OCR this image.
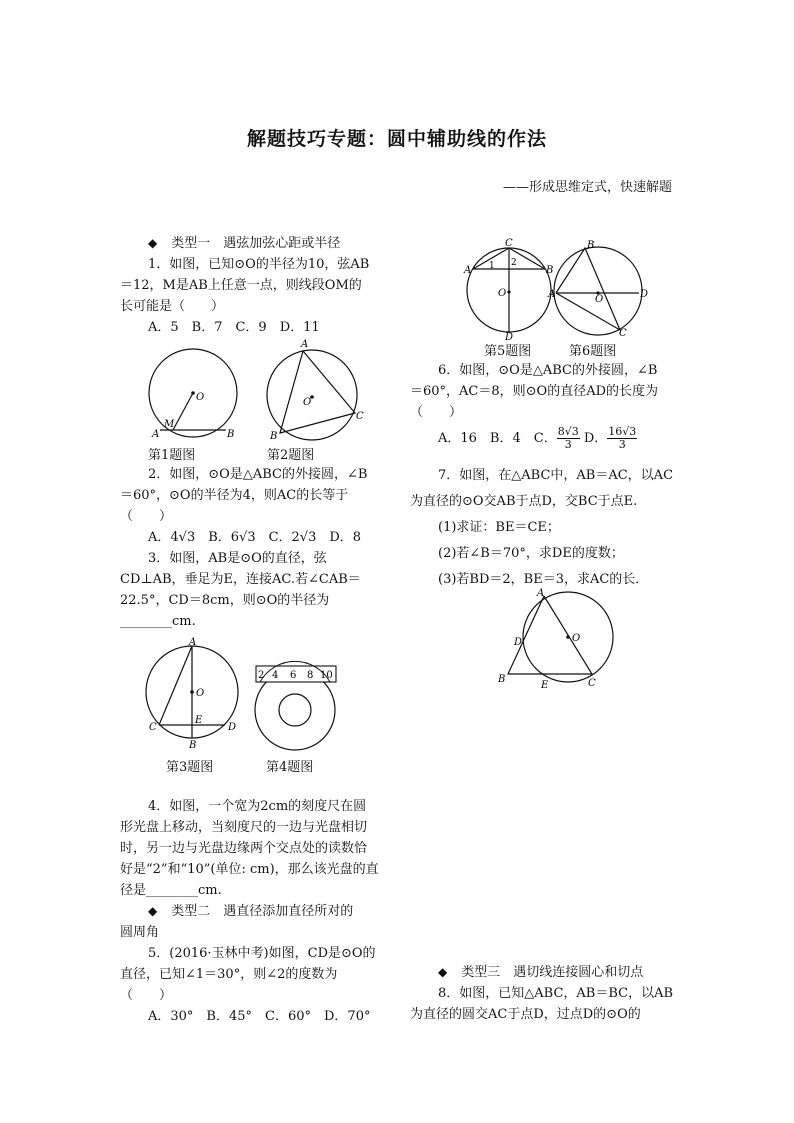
解题技巧专题：圆中辅助线的作法
——形成思维定式，快速解题

◆ 类型一　遇弦加弦心距或半径

1．如图，已知⊙O的半径为10，弦AB

＝12，M是AB上任意一点，则线段OM的

长可能是（　　）

A．5　B．7　C．9　D．11

O
A	B
M
第1题图
O
A
B
C
第2题图

2．如图，⊙O是△ABC的外接圆，∠B

＝60°，⊙O的半径为4，则AC的长等于

（　　）

A．4√3　B．6√3　C．2√3　D．8

3．如图，AB是⊙O的直径，弦

CD⊥AB，垂足为E，连接AC.若∠CAB＝

22.5°，CD＝8cm，则⊙O的半径为

________cm.

O
A
B
C	D
E
第3题图
2 4 6 8 10
第4题图

4．如图，一个宽为2cm的刻度尺在圆

形光盘上移动，当刻度尺的一边与光盘相切

时，另一边与光盘边缘两个交点处的读数恰

好是“2”和“10”(单位: cm)，那么该光盘的直

径是________cm.

◆ 类型二　遇直径添加直径所对的

圆周角

5．(2016·玉林中考)如图，CD是⊙O的

直径，已知∠1＝30°，则∠2的度数为

（　　）

A．30°　B．45°　C．60°　D．70°

O
A	B
C
D
1 2
第5题图
O
A
B
C
D
第6题图

6．如图，⊙O是△ABC的外接圆，∠B

＝60°，AC＝8，则⊙O的直径AD的长度为

（　　）

A．16　B．4　C． $\frac{8√3}{3}$ D． $\frac{16√3}{3}$

7．如图，在△ABC中，AB＝AC，以AC

为直径的⊙O交AB于点D，交BC于点E.

(1)求证：BE＝CE；

(2)若∠B＝70°，求DE的度数；

(3)若BD＝2，BE＝3，求AC的长．

O
A
B	C
D
E

◆ 类型三　遇切线连接圆心和切点

8．如图，已知△ABC，AB＝BC，以AB

为直径的圆交AC于点D，过点D的⊙O的
